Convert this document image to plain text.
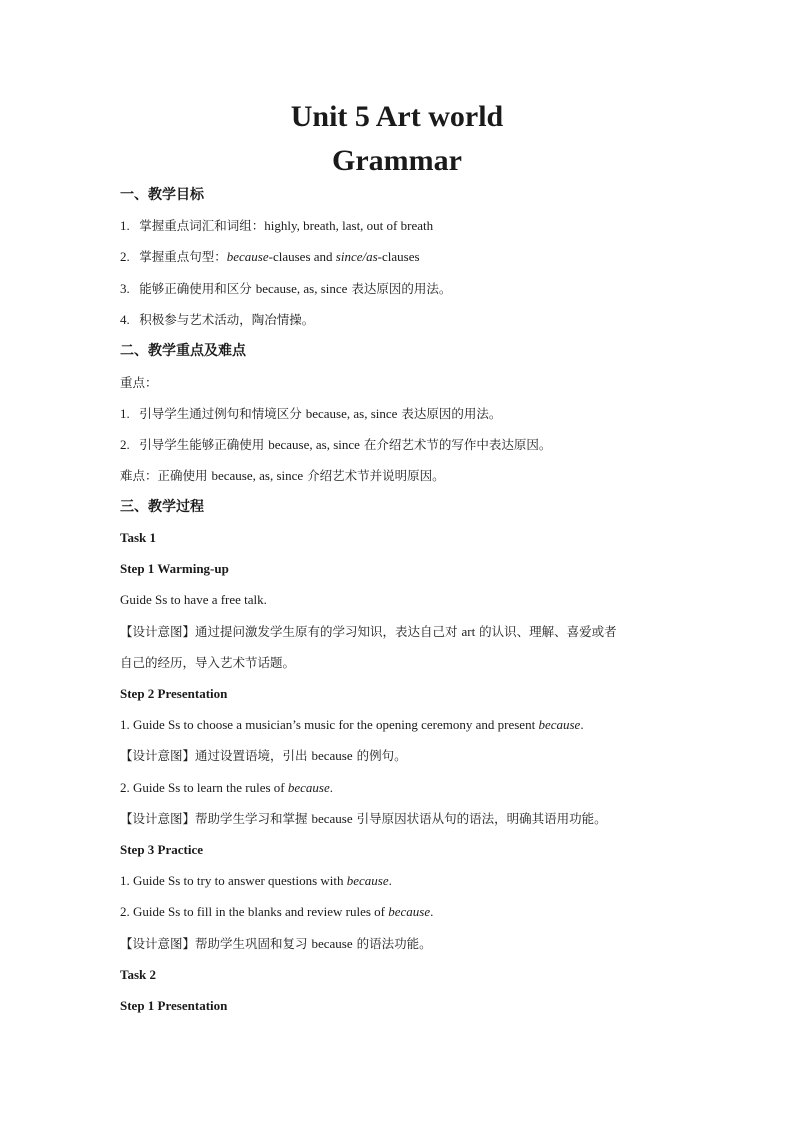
Unit 5 Art world
Grammar

一、教学目标

1. 掌握重点词汇和词组：highly, breath, last, out of breath

2. 掌握重点句型：because-clauses and since/as-clauses

3. 能够正确使用和区分 because, as, since 表达原因的用法。

4. 积极参与艺术活动，陶冶情操。

二、教学重点及难点

重点：

1. 引导学生通过例句和情境区分 because, as, since 表达原因的用法。

2. 引导学生能够正确使用 because, as, since 在介绍艺术节的写作中表达原因。

难点：正确使用 because, as, since 介绍艺术节并说明原因。

三、教学过程

Task 1

Step 1 Warming-up

Guide Ss to have a free talk.

【设计意图】通过提问激发学生原有的学习知识，表达自己对 art 的认识、理解、喜爱或者

自己的经历，导入艺术节话题。

Step 2 Presentation

1. Guide Ss to choose a musician’s music for the opening ceremony and present because.

【设计意图】通过设置语境，引出 because 的例句。

2. Guide Ss to learn the rules of because.

【设计意图】帮助学生学习和掌握 because 引导原因状语从句的语法，明确其语用功能。

Step 3 Practice

1. Guide Ss to try to answer questions with because.

2. Guide Ss to fill in the blanks and review rules of because.

【设计意图】帮助学生巩固和复习 because 的语法功能。

Task 2

Step 1 Presentation
